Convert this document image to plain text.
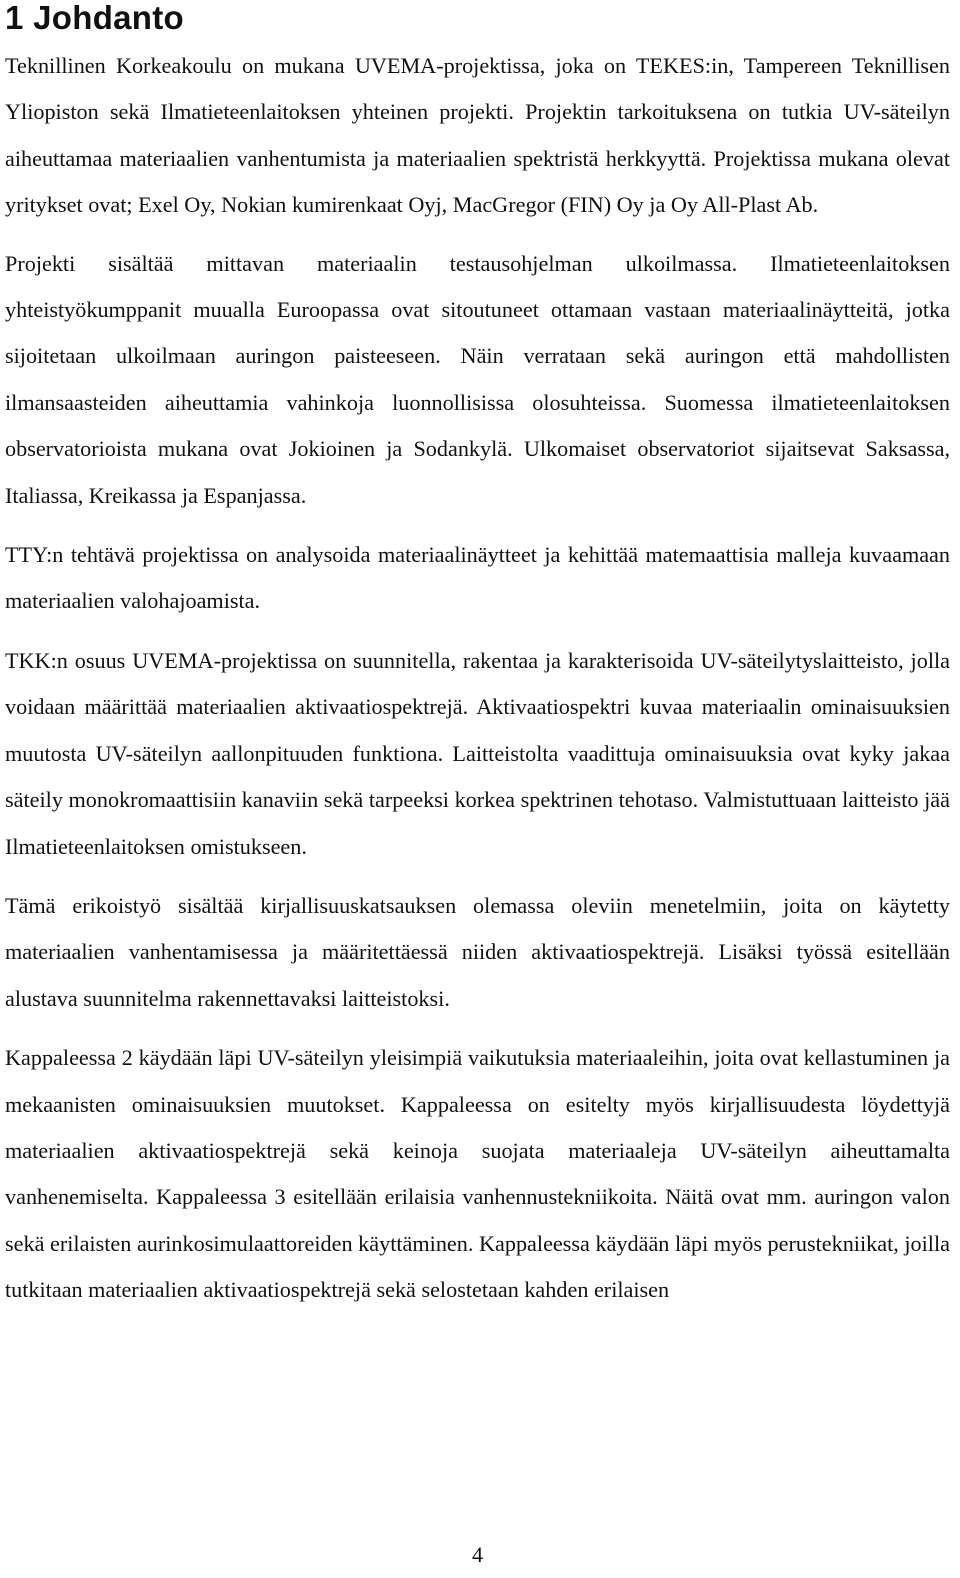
1 Johdanto

Teknillinen Korkeakoulu on mukana UVEMA-projektissa, joka on TEKES:in, Tampereen Teknillisen Yliopiston sekä Ilmatieteenlaitoksen yhteinen projekti. Projektin tarkoituksena on tutkia UV-säteilyn aiheuttamaa materiaalien vanhentumista ja materiaalien spektristä herkkyyttä. Projektissa mukana olevat yritykset ovat; Exel Oy, Nokian kumirenkaat Oyj, MacGregor (FIN) Oy ja Oy All-Plast Ab.

Projekti sisältää mittavan materiaalin testausohjelman ulkoilmassa. Ilmatieteenlaitoksen yhteistyökumppanit muualla Euroopassa ovat sitoutuneet ottamaan vastaan materiaalinäytteitä, jotka sijoitetaan ulkoilmaan auringon paisteeseen. Näin verrataan sekä auringon että mahdollisten ilmansaasteiden aiheuttamia vahinkoja luonnollisissa olosuhteissa. Suomessa ilmatieteenlaitoksen observatorioista mukana ovat Jokioinen ja Sodankylä. Ulkomaiset observatoriot sijaitsevat Saksassa, Italiassa, Kreikassa ja Espanjassa.

TTY:n tehtävä projektissa on analysoida materiaalinäytteet ja kehittää matemaattisia malleja kuvaamaan materiaalien valohajoamista.

TKK:n osuus UVEMA-projektissa on suunnitella, rakentaa ja karakterisoida UV-säteilytyslaitteisto, jolla voidaan määrittää materiaalien aktivaatiospektrejä. Aktivaatiospektri kuvaa materiaalin ominaisuuksien muutosta UV-säteilyn aallonpituuden funktiona. Laitteistolta vaadittuja ominaisuuksia ovat kyky jakaa säteily monokromaattisiin kanaviin sekä tarpeeksi korkea spektrinen tehotaso. Valmistuttuaan laitteisto jää Ilmatieteenlaitoksen omistukseen.

Tämä erikoistyö sisältää kirjallisuuskatsauksen olemassa oleviin menetelmiin, joita on käytetty materiaalien vanhentamisessa ja määritettäessä niiden aktivaatiospektrejä. Lisäksi työssä esitellään alustava suunnitelma rakennettavaksi laitteistoksi.

Kappaleessa 2 käydään läpi UV-säteilyn yleisimpiä vaikutuksia materiaaleihin, joita ovat kellastuminen ja mekaanisten ominaisuuksien muutokset. Kappaleessa on esitelty myös kirjallisuudesta löydettyjä materiaalien aktivaatiospektrejä sekä keinoja suojata materiaaleja UV-säteilyn aiheuttamalta vanhenemiselta. Kappaleessa 3 esitellään erilaisia vanhennustekniikoita. Näitä ovat mm. auringon valon sekä erilaisten aurinkosimulaattoreiden käyttäminen. Kappaleessa käydään läpi myös perustekniikat, joilla tutkitaan materiaalien aktivaatiospektrejä sekä selostetaan kahden erilaisen

4
